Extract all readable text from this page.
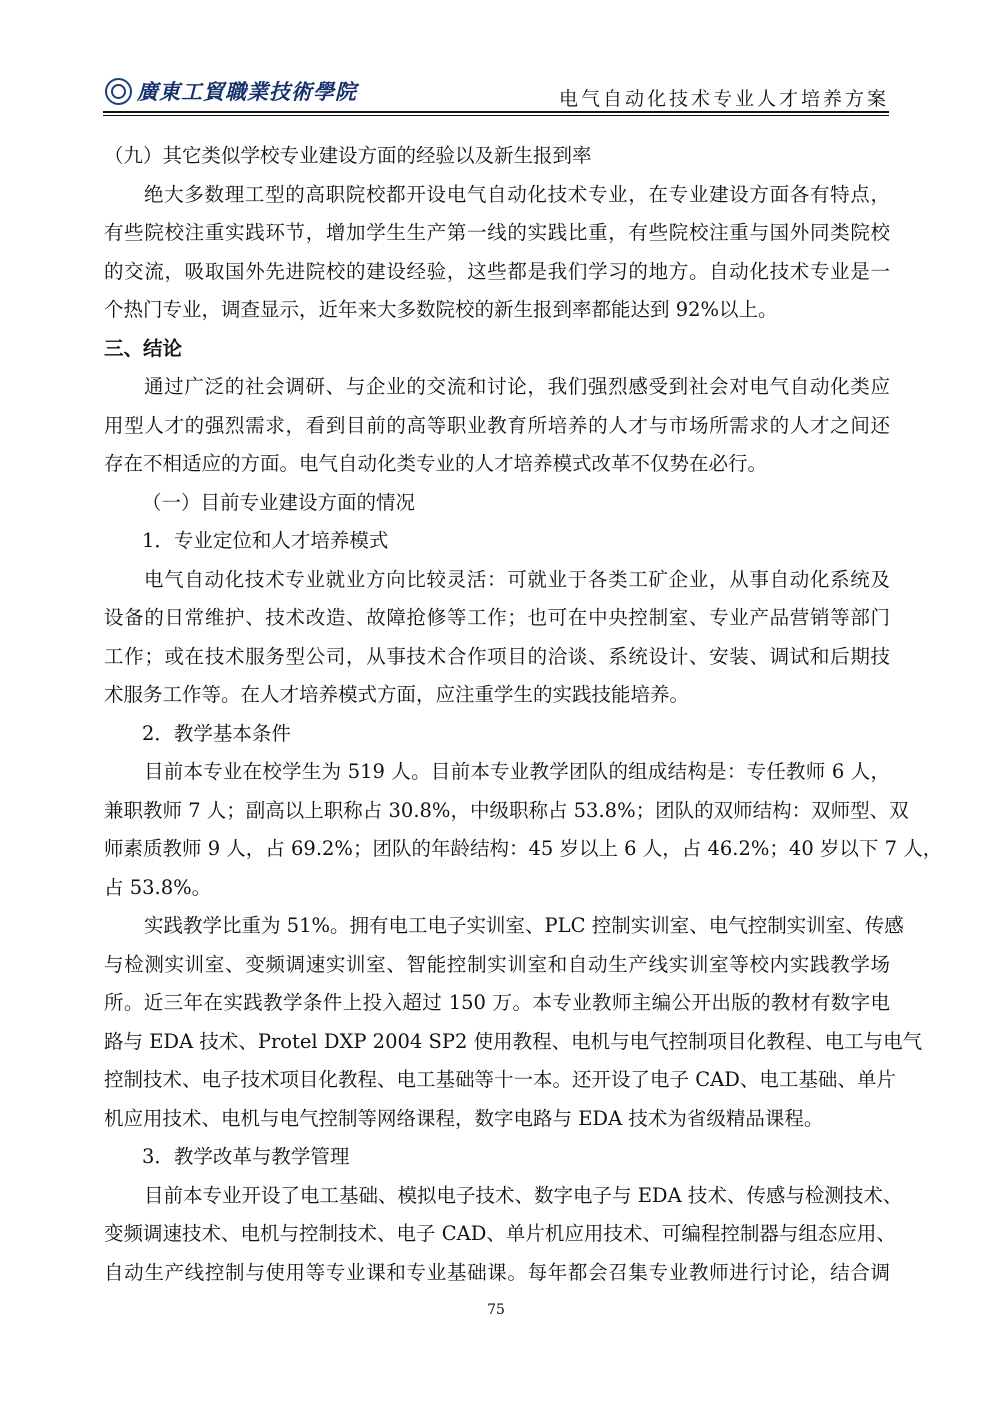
廣東工貿職業技術學院	电气自动化技术专业人才培养方案
（九）其它类似学校专业建设方面的经验以及新生报到率
绝大多数理工型的高职院校都开设电气自动化技术专业，在专业建设方面各有特点，
有些院校注重实践环节，增加学生生产第一线的实践比重，有些院校注重与国外同类院校
的交流，吸取国外先进院校的建设经验，这些都是我们学习的地方。自动化技术专业是一
个热门专业，调查显示，近年来大多数院校的新生报到率都能达到 92%以上。
三、结论
通过广泛的社会调研、与企业的交流和讨论，我们强烈感受到社会对电气自动化类应
用型人才的强烈需求，看到目前的高等职业教育所培养的人才与市场所需求的人才之间还
存在不相适应的方面。电气自动化类专业的人才培养模式改革不仅势在必行。
（一）目前专业建设方面的情况
1．专业定位和人才培养模式
电气自动化技术专业就业方向比较灵活：可就业于各类工矿企业，从事自动化系统及
设备的日常维护、技术改造、故障抢修等工作；也可在中央控制室、专业产品营销等部门
工作；或在技术服务型公司，从事技术合作项目的洽谈、系统设计、安装、调试和后期技
术服务工作等。在人才培养模式方面，应注重学生的实践技能培养。
2．教学基本条件
目前本专业在校学生为 519 人。目前本专业教学团队的组成结构是：专任教师 6 人，
兼职教师 7 人；副高以上职称占 30.8%，中级职称占 53.8%；团队的双师结构：双师型、双
师素质教师 9 人，占 69.2%；团队的年龄结构：45 岁以上 6 人，占 46.2%；40 岁以下 7 人，
占 53.8%。
实践教学比重为 51%。拥有电工电子实训室、PLC 控制实训室、电气控制实训室、传感
与检测实训室、变频调速实训室、智能控制实训室和自动生产线实训室等校内实践教学场
所。近三年在实践教学条件上投入超过 150 万。本专业教师主编公开出版的教材有数字电
路与 EDA 技术、Protel DXP 2004 SP2 使用教程、电机与电气控制项目化教程、电工与电气
控制技术、电子技术项目化教程、电工基础等十一本。还开设了电子 CAD、电工基础、单片
机应用技术、电机与电气控制等网络课程，数字电路与 EDA 技术为省级精品课程。
3．教学改革与教学管理
目前本专业开设了电工基础、模拟电子技术、数字电子与 EDA 技术、传感与检测技术、
变频调速技术、电机与控制技术、电子 CAD、单片机应用技术、可编程控制器与组态应用、
自动生产线控制与使用等专业课和专业基础课。每年都会召集专业教师进行讨论，结合调
75
